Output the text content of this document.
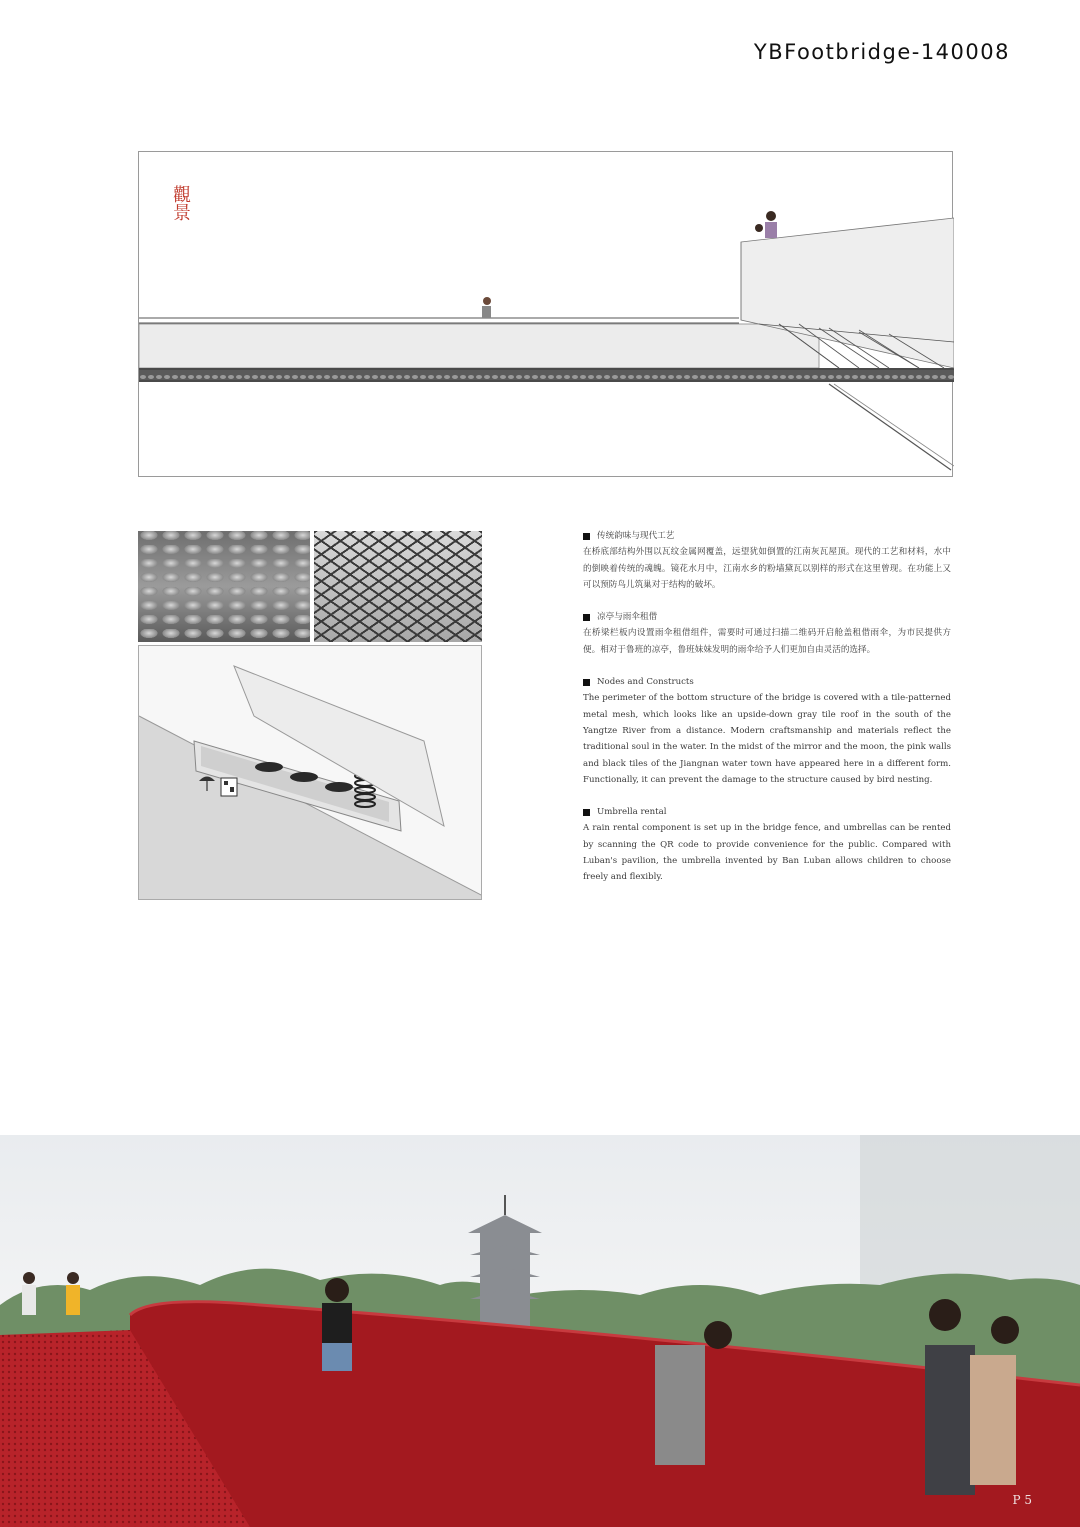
YBFootbridge-140008
觀景
传统韵味与现代工艺
在桥底部结构外围以瓦纹金属网覆盖，远望犹如倒置的江南灰瓦屋顶。现代的工艺和材料，水中的倒映着传统的魂魄。镜花水月中，江南水乡的粉墙黛瓦以别样的形式在这里曾现。在功能上又可以预防鸟儿筑巢对于结构的破坏。
凉亭与雨伞租借
在桥梁栏板内设置雨伞租借组件，需要时可通过扫描二维码开启舱盖租借雨伞，为市民提供方便。相对于鲁班的凉亭，鲁班妹妹发明的雨伞给予人们更加自由灵活的选择。
Nodes and Constructs
The perimeter of the bottom structure of the bridge is covered with a tile-patterned metal mesh, which looks like an upside-down gray tile roof in the south of the Yangtze River from a distance. Modern craftsmanship and materials reflect the traditional soul in the water. In the midst of the mirror and the moon, the pink walls and black tiles of the Jiangnan water town have appeared here in a different form. Functionally, it can prevent the damage to the structure caused by bird nesting.
Umbrella rental
A rain rental component is set up in the bridge fence, and umbrellas can be rented by scanning the QR code to provide convenience for the public. Compared with Luban's pavilion, the umbrella invented by Ban Luban allows children to choose freely and flexibly.
P 5
